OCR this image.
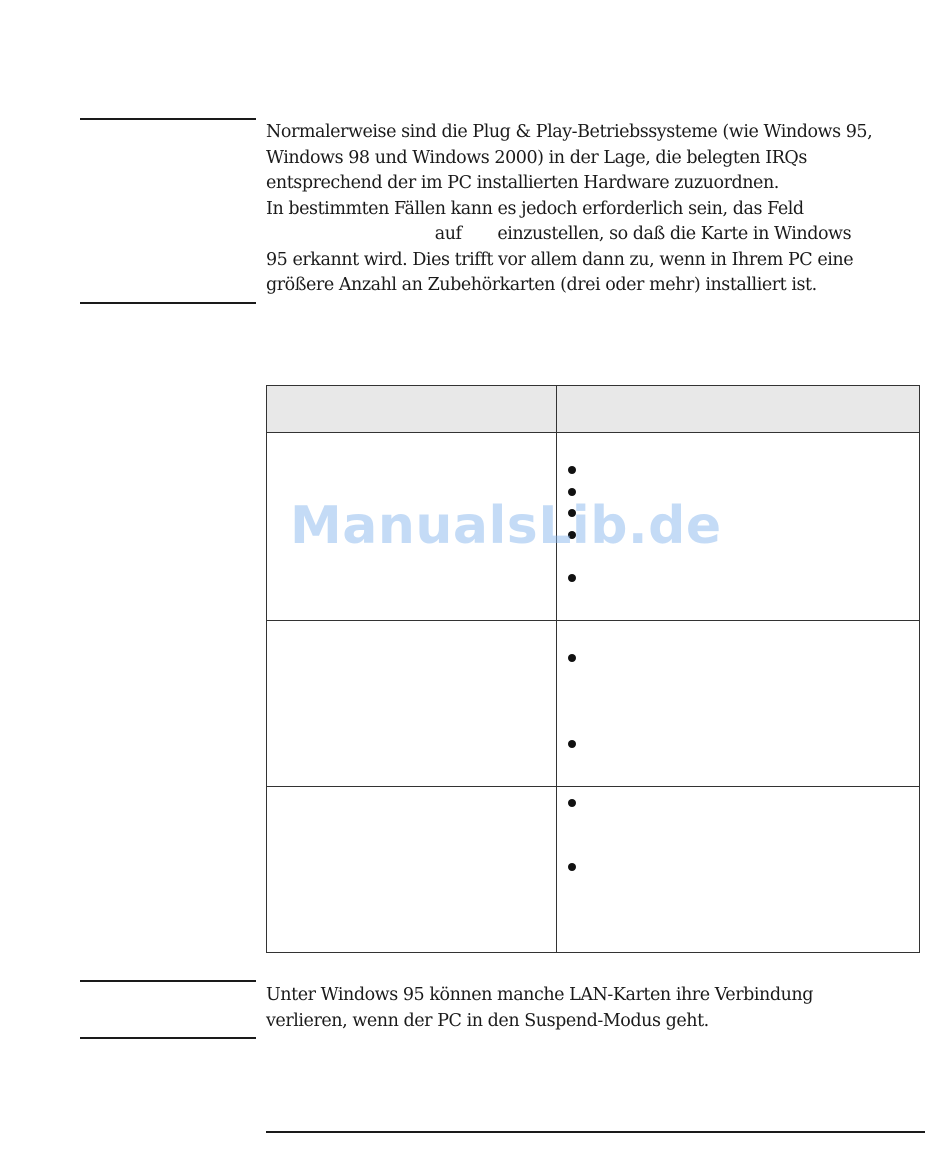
Normalerweise sind die Plug & Play-Betriebssysteme (wie Windows 95,
Windows 98 und Windows 2000) in der Lage, die belegten IRQs
entsprechend der im PC installierten Hardware zuzuordnen.
In bestimmten Fällen kann es jedoch erforderlich sein, das Feld
auf       einzustellen, so daß die Karte in Windows
95 erkannt wird. Dies trifft vor allem dann zu, wenn in Ihrem PC eine
größere Anzahl an Zubehörkarten (drei oder mehr) installiert ist.

ManualsLib.de
Unter Windows 95 können manche LAN-Karten ihre Verbindung
verlieren, wenn der PC in den Suspend-Modus geht.
